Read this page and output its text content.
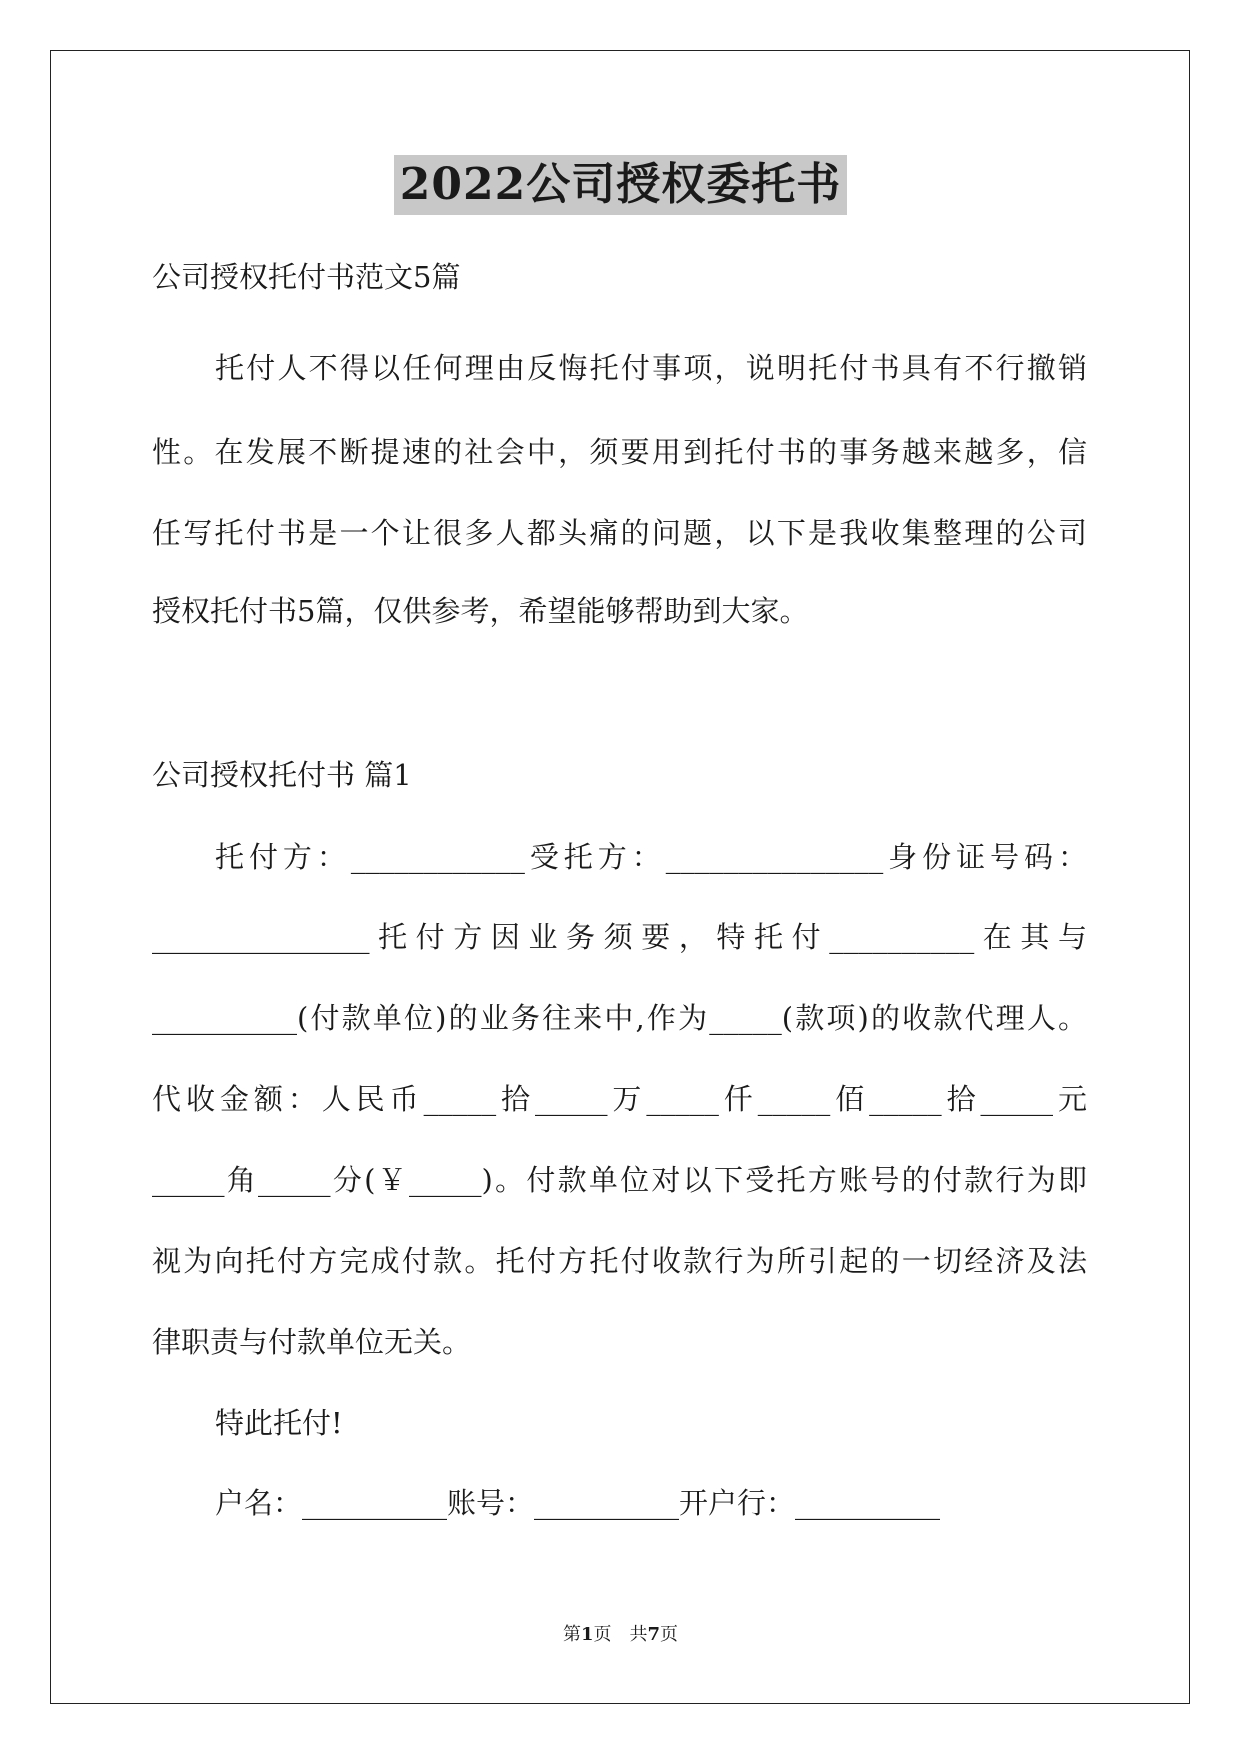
2022公司授权委托书

公司授权托付书范文5篇

托付人不得以任何理由反悔托付事项，说明托付书具有不行撤销

性。在发展不断提速的社会中，须要用到托付书的事务越来越多，信

任写托付书是一个让很多人都头痛的问题，以下是我收集整理的公司

授权托付书5篇，仅供参考，希望能够帮助到大家。

公司授权托付书 篇1

托付方：____________受托方：_______________身份证号码：

_______________托付方因业务须要，特托付__________在其与

__________(付款单位)的业务往来中,作为_____(款项)的收款代理人。

代收金额：人民币_____拾_____万_____仟_____佰_____拾_____元

_____角_____分(￥_____)。付款单位对以下受托方账号的付款行为即

视为向托付方完成付款。托付方托付收款行为所引起的一切经济及法

律职责与付款单位无关。

特此托付!

户名：__________账号：__________开户行：__________

第1页　共7页
